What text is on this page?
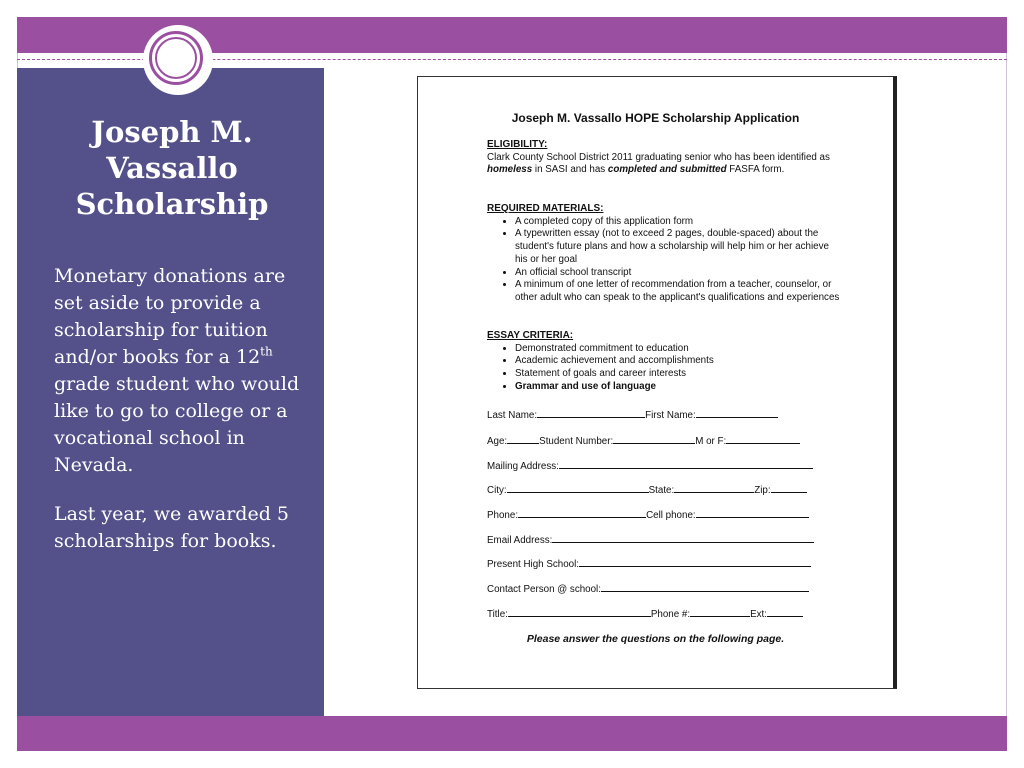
Joseph M. Vassallo Scholarship
Monetary donations are set aside to provide a scholarship for tuition and/or books for a 12th grade student who would like to go to college or a vocational school in Nevada.
Last year, we awarded 5 scholarships for books.
Joseph M. Vassallo HOPE Scholarship Application
ELIGIBILITY:
Clark County School District 2011 graduating senior who has been identified as homeless in SASI and has completed and submitted FASFA form.
REQUIRED MATERIALS:
• A completed copy of this application form
• A typewritten essay (not to exceed 2 pages, double-spaced) about the student's future plans and how a scholarship will help him or her achieve his or her goal
• An official school transcript
• A minimum of one letter of recommendation from a teacher, counselor, or other adult who can speak to the applicant's qualifications and experiences
ESSAY CRITERIA:
• Demonstrated commitment to education
• Academic achievement and accomplishments
• Statement of goals and career interests
• Grammar and use of language
Last Name:	First Name:
Age:	Student Number:	M or F:
Mailing Address:
City:	State:	Zip:
Phone:	Cell phone:
Email Address:
Present High School:
Contact Person @ school:
Title:	Phone #:	Ext:
Please answer the questions on the following page.
